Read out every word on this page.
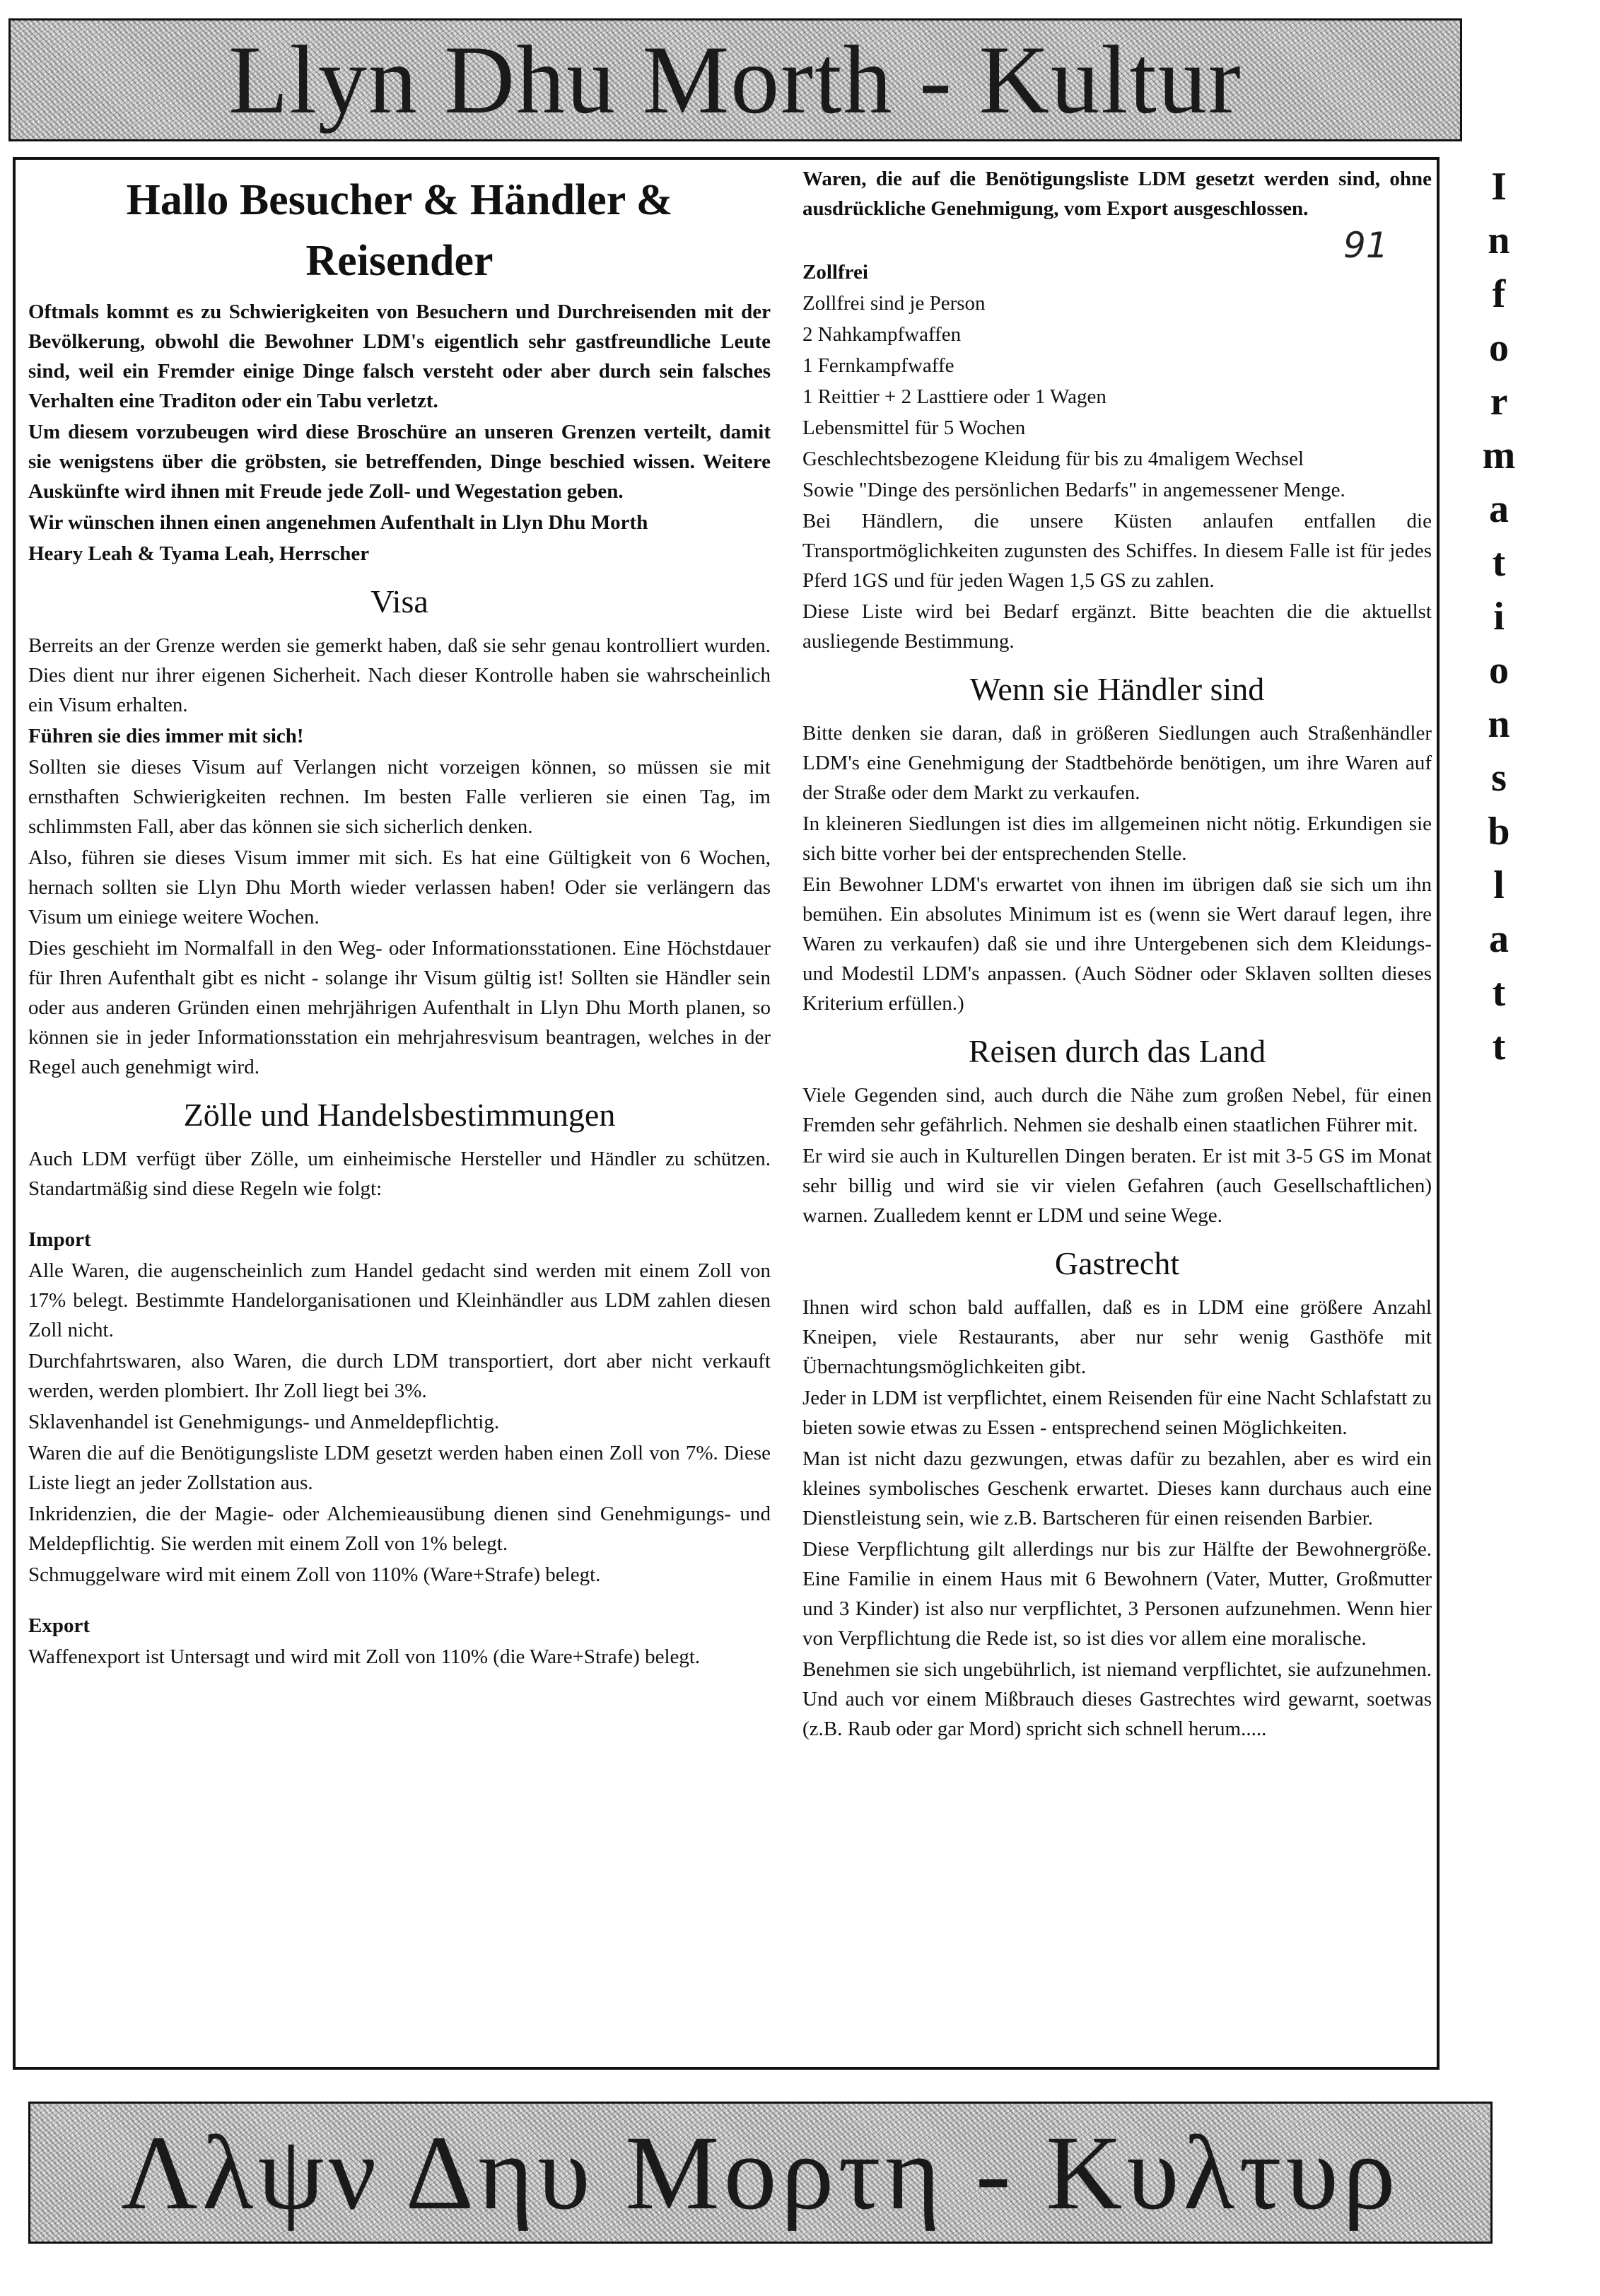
Llyn Dhu Morth - Kultur
Hallo Besucher & Händler &
Reisender

Oftmals kommt es zu Schwierigkeiten von Besuchern und Durchreisenden mit der Bevölkerung, obwohl die Bewohner LDM's eigentlich sehr gastfreundliche Leute sind, weil ein Fremder einige Dinge falsch versteht oder aber durch sein falsches Verhalten eine Traditon oder ein Tabu verletzt.

Um diesem vorzubeugen wird diese Broschüre an unseren Grenzen verteilt, damit sie wenigstens über die gröbsten, sie betreffenden, Dinge beschied wissen. Weitere Auskünfte wird ihnen mit Freude jede Zoll- und Wegestation geben.

Wir wünschen ihnen einen angenehmen Aufenthalt in Llyn Dhu Morth

Heary Leah & Tyama Leah, Herrscher

Visa

Berreits an der Grenze werden sie gemerkt haben, daß sie sehr genau kontrolliert wurden. Dies dient nur ihrer eigenen Sicherheit. Nach dieser Kontrolle haben sie wahrscheinlich ein Visum erhalten.

Führen sie dies immer mit sich!

Sollten sie dieses Visum auf Verlangen nicht vorzeigen können, so müssen sie mit ernsthaften Schwierigkeiten rechnen. Im besten Falle verlieren sie einen Tag, im schlimmsten Fall, aber das können sie sich sicherlich denken.

Also, führen sie dieses Visum immer mit sich. Es hat eine Gültigkeit von 6 Wochen, hernach sollten sie Llyn Dhu Morth wieder verlassen haben! Oder sie verlängern das Visum um einiege weitere Wochen.

Dies geschieht im Normalfall in den Weg- oder Informationsstationen. Eine Höchstdauer für Ihren Aufenthalt gibt es nicht - solange ihr Visum gültig ist! Sollten sie Händler sein oder aus anderen Gründen einen mehrjährigen Aufenthalt in Llyn Dhu Morth planen, so können sie in jeder Informationsstation ein mehrjahresvisum beantragen, welches in der Regel auch genehmigt wird.

Zölle und Handelsbestimmungen

Auch LDM verfügt über Zölle, um einheimische Hersteller und Händler zu schützen. Standartmäßig sind diese Regeln wie folgt:

Import

Alle Waren, die augenscheinlich zum Handel gedacht sind werden mit einem Zoll von 17% belegt. Bestimmte Handelorganisationen und Kleinhändler aus LDM zahlen diesen Zoll nicht.

Durchfahrtswaren, also Waren, die durch LDM transportiert, dort aber nicht verkauft werden, werden plombiert. Ihr Zoll liegt bei 3%.

Sklavenhandel ist Genehmigungs- und Anmeldepflichtig.

Waren die auf die Benötigungsliste LDM gesetzt werden haben einen Zoll von 7%. Diese Liste liegt an jeder Zollstation aus.

Inkridenzien, die der Magie- oder Alchemieausübung dienen sind Genehmigungs- und Meldepflichtig. Sie werden mit einem Zoll von 1% belegt.

Schmuggelware wird mit einem Zoll von 110% (Ware+Strafe) belegt.

Export

Waffenexport ist Untersagt und wird mit Zoll von 110% (die Ware+Strafe) belegt.

Waren, die auf die Benötigungsliste LDM gesetzt werden sind, ohne ausdrückliche Genehmigung, vom Export ausgeschlossen.

Zollfrei

Zollfrei sind je Person

2 Nahkampfwaffen

1 Fernkampfwaffe

1 Reittier + 2 Lasttiere oder 1 Wagen

Lebensmittel für 5 Wochen

Geschlechtsbezogene Kleidung für bis zu 4maligem Wechsel

Sowie "Dinge des persönlichen Bedarfs" in angemessener Menge.

Bei Händlern, die unsere Küsten anlaufen entfallen die Transportmöglichkeiten zugunsten des Schiffes. In diesem Falle ist für jedes Pferd 1GS und für jeden Wagen 1,5 GS zu zahlen.

Diese Liste wird bei Bedarf ergänzt. Bitte beachten die die aktuellst ausliegende Bestimmung.

Wenn sie Händler sind

Bitte denken sie daran, daß in größeren Siedlungen auch Straßenhändler LDM's eine Genehmigung der Stadtbehörde benötigen, um ihre Waren auf der Straße oder dem Markt zu verkaufen.

In kleineren Siedlungen ist dies im allgemeinen nicht nötig. Erkundigen sie sich bitte vorher bei der entsprechenden Stelle.

Ein Bewohner LDM's erwartet von ihnen im übrigen daß sie sich um ihn bemühen. Ein absolutes Minimum ist es (wenn sie Wert darauf legen, ihre Waren zu verkaufen) daß sie und ihre Untergebenen sich dem Kleidungs- und Modestil LDM's anpassen. (Auch Södner oder Sklaven sollten dieses Kriterium erfüllen.)

Reisen durch das Land

Viele Gegenden sind, auch durch die Nähe zum großen Nebel, für einen Fremden sehr gefährlich. Nehmen sie deshalb einen staatlichen Führer mit.

Er wird sie auch in Kulturellen Dingen beraten. Er ist mit 3-5 GS im Monat sehr billig und wird sie vir vielen Gefahren (auch Gesellschaftlichen) warnen. Zualledem kennt er LDM und seine Wege.

Gastrecht

Ihnen wird schon bald auffallen, daß es in LDM eine größere Anzahl Kneipen, viele Restaurants, aber nur sehr wenig Gasthöfe mit Übernachtungsmöglichkeiten gibt.

Jeder in LDM ist verpflichtet, einem Reisenden für eine Nacht Schlafstatt zu bieten sowie etwas zu Essen - entsprechend seinen Möglichkeiten.

Man ist nicht dazu gezwungen, etwas dafür zu bezahlen, aber es wird ein kleines symbolisches Geschenk erwartet. Dieses kann durchaus auch eine Dienstleistung sein, wie z.B. Bartscheren für einen reisenden Barbier.

Diese Verpflichtung gilt allerdings nur bis zur Hälfte der Bewohnergröße. Eine Familie in einem Haus mit 6 Bewohnern (Vater, Mutter, Großmutter und 3 Kinder) ist also nur verpflichtet, 3 Personen aufzunehmen. Wenn hier von Verpflichtung die Rede ist, so ist dies vor allem eine moralische.

Benehmen sie sich ungebührlich, ist niemand verpflichtet, sie aufzunehmen. Und auch vor einem Mißbrauch dieses Gastrechtes wird gewarnt, soetwas (z.B. Raub oder gar Mord) spricht sich schnell herum.....

91
I
n
f
o
r
m
a
t
i
o
n
s
b
l
a
t
t
Λλψν Δηυ Μορτη - Κυλτυρ
